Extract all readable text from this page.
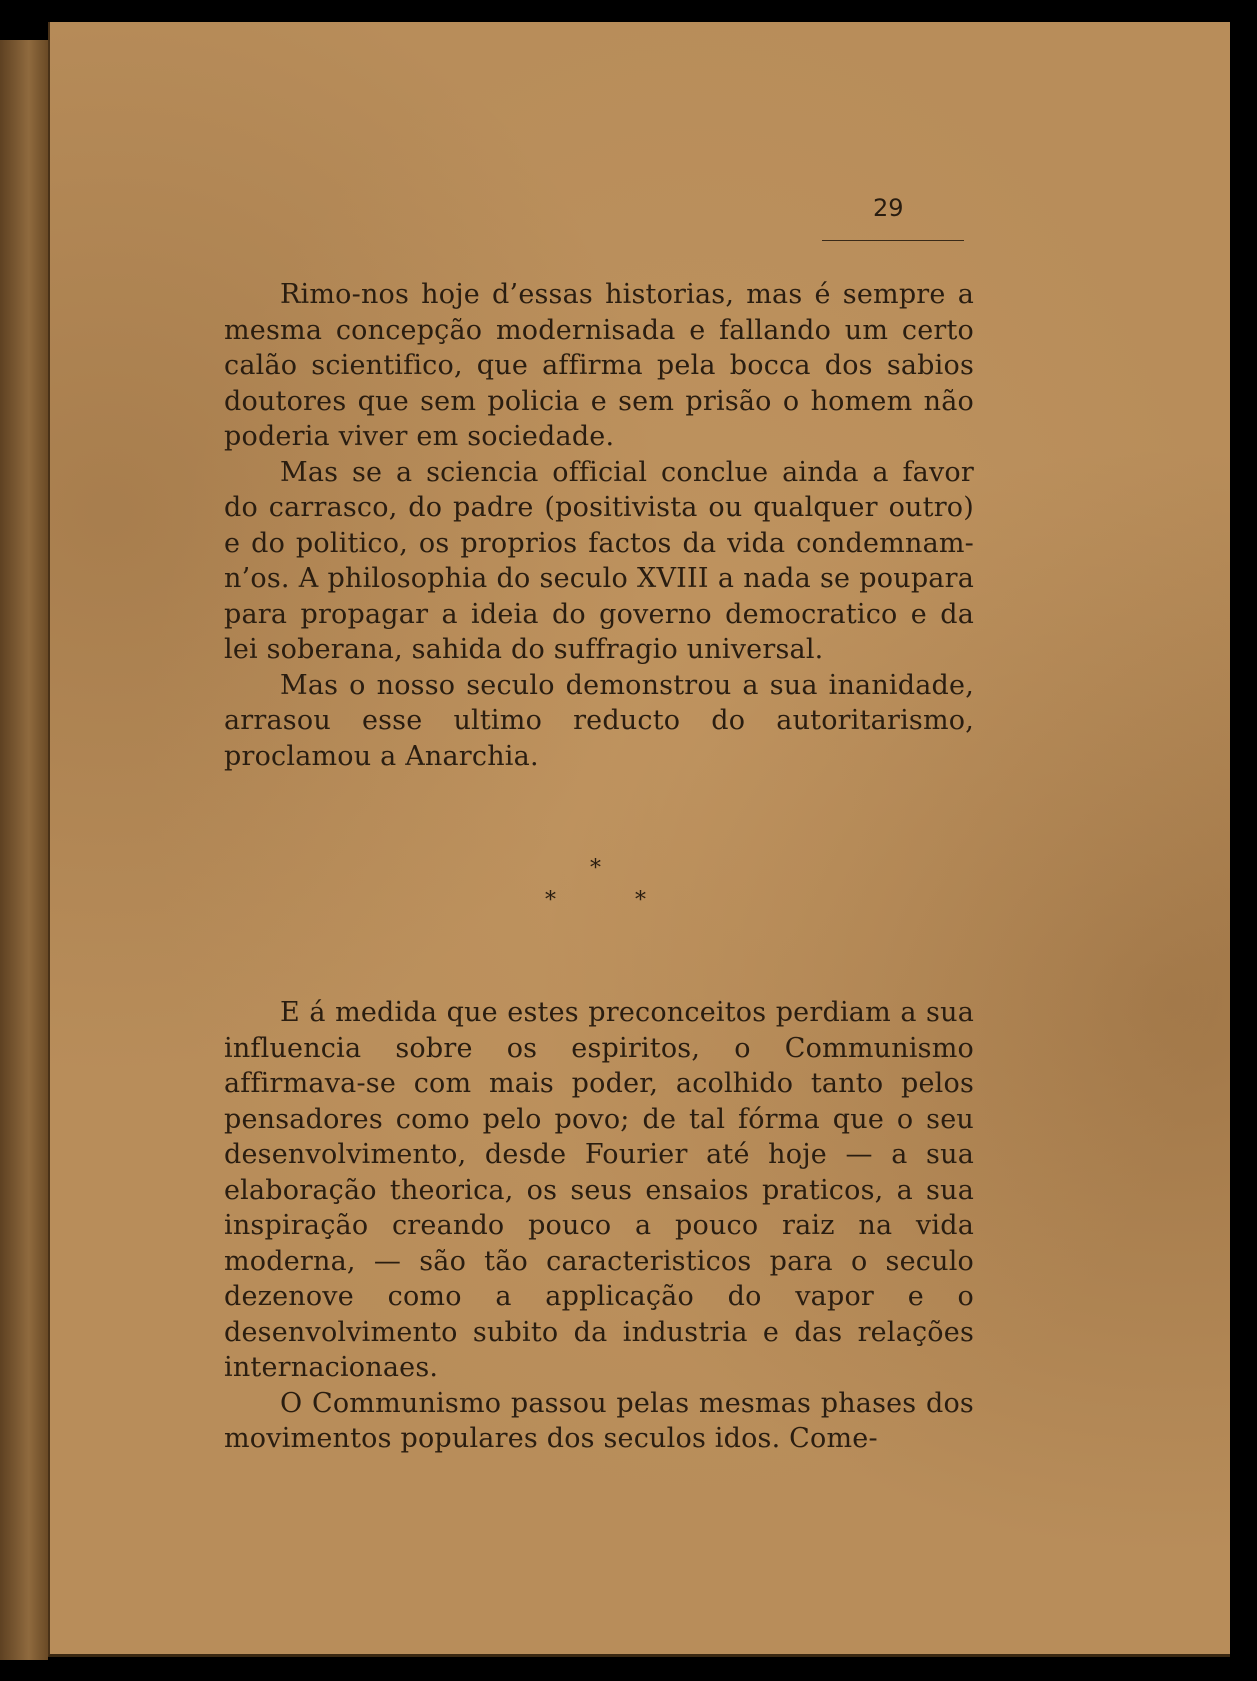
29

Rimo-nos hoje d’essas historias, mas é sempre a mesma concepção modernisada e fallando um certo calão scientifico, que affirma pela bocca dos sabios doutores que sem policia e sem prisão o homem não poderia viver em sociedade.

Mas se a sciencia official conclue ainda a favor do carrasco, do padre (positivista ou qualquer outro) e do politico, os proprios factos da vida condemnam-n’os. A philosophia do seculo XVIII a nada se poupara para propagar a ideia do governo democratico e da lei soberana, sahida do suffragio universal.

Mas o nosso seculo demonstrou a sua inanidade, arrasou esse ultimo reducto do autoritarismo, proclamou a Anarchia.

*
*	*

E á medida que estes preconceitos perdiam a sua influencia sobre os espiritos, o Communismo affirmava-se com mais poder, acolhido tanto pelos pensadores como pelo povo; de tal fórma que o seu desenvolvimento, desde Fourier até hoje — a sua elaboração theorica, os seus ensaios praticos, a sua inspiração creando pouco a pouco raiz na vida moderna, — são tão caracteristicos para o seculo dezenove como a applicação do vapor e o desenvolvimento subito da industria e das relações internacionaes.

O Communismo passou pelas mesmas phases dos movimentos populares dos seculos idos. Come-
